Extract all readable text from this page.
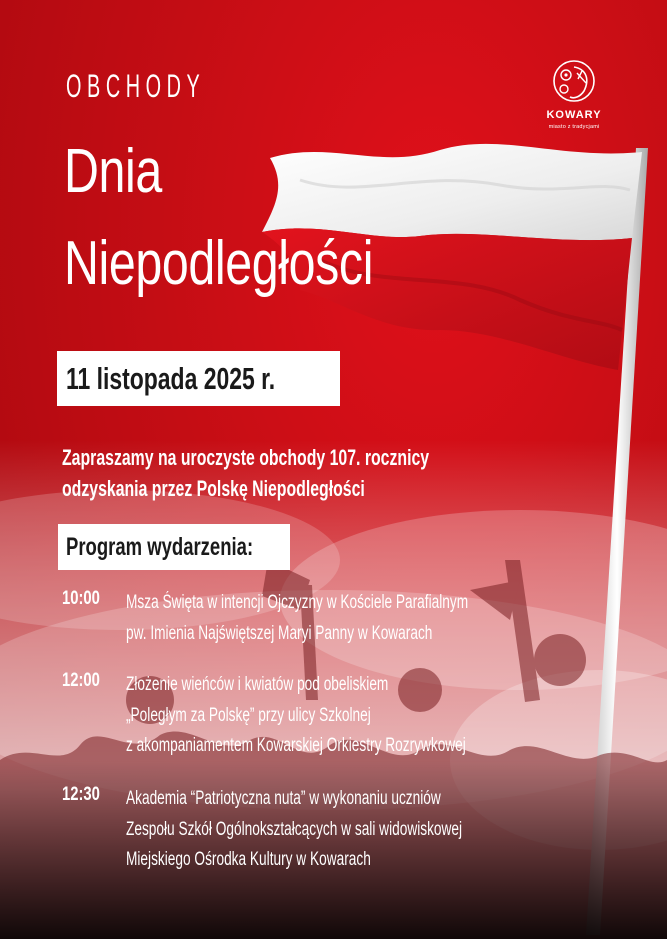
KOWARY
miasto z tradycjami
OBCHODY
Dnia
Niepodległości
11 listopada 2025 r.
Zapraszamy na uroczyste obchody 107. rocznicy
odzyskania przez Polskę Niepodległości
Program wydarzenia:
10:00 Msza Święta w intencji Ojczyzny w Kościele Parafialnym
pw. Imienia Najświętszej Maryi Panny w Kowarach
12:00 Złożenie wieńców i kwiatów pod obeliskiem
„Poległym za Polskę” przy ulicy Szkolnej
z akompaniamentem Kowarskiej Orkiestry Rozrywkowej
12:30 Akademia “Patriotyczna nuta” w wykonaniu uczniów
Zespołu Szkół Ogólnokształcących w sali widowiskowej
Miejskiego Ośrodka Kultury w Kowarach
